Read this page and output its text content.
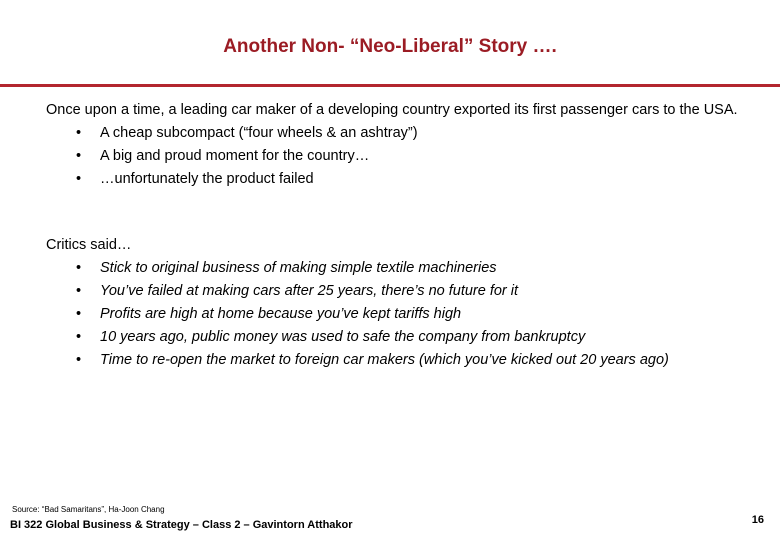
Another Non- “Neo-Liberal” Story ….

Once upon a time, a leading car maker of a developing country exported its first passenger cars to the USA.

• A cheap subcompact (“four wheels & an ashtray”)
• A big and proud moment for the country…
• …unfortunately the product failed

Critics said…

• Stick to original business of making simple textile machineries
• You’ve failed at making cars after 25 years, there’s no future for it
• Profits are high at home because you’ve kept tariffs high
• 10 years ago, public money was used to safe the company from bankruptcy
• Time to re-open the market to foreign car makers (which you’ve kicked out 20 years ago)
Source: “Bad Samaritans”, Ha-Joon Chang
BI 322 Global Business & Strategy – Class 2 – Gavintorn Atthakor	16
